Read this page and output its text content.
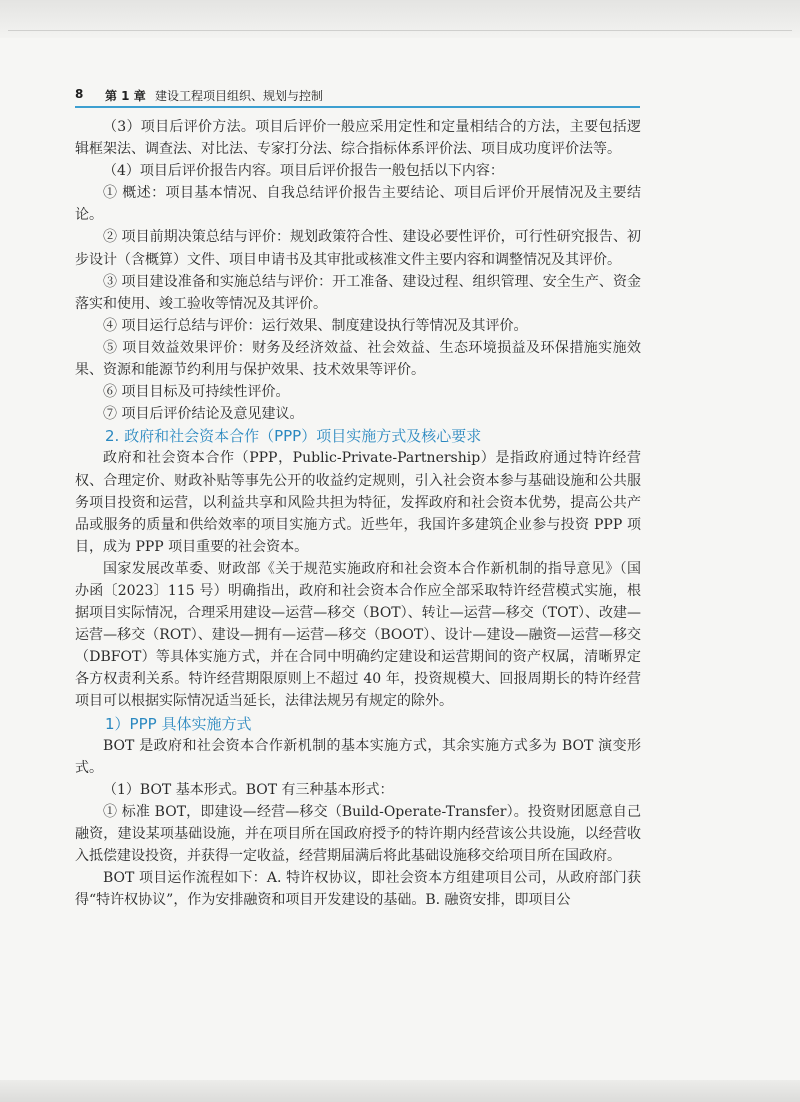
8 第 1 章 建设工程项目组织、规划与控制

（3）项目后评价方法。项目后评价一般应采用定性和定量相结合的方法，主要包括逻辑框架法、调查法、对比法、专家打分法、综合指标体系评价法、项目成功度评价法等。

（4）项目后评价报告内容。项目后评价报告一般包括以下内容：

① 概述：项目基本情况、自我总结评价报告主要结论、项目后评价开展情况及主要结论。

② 项目前期决策总结与评价：规划政策符合性、建设必要性评价，可行性研究报告、初步设计（含概算）文件、项目申请书及其审批或核准文件主要内容和调整情况及其评价。

③ 项目建设准备和实施总结与评价：开工准备、建设过程、组织管理、安全生产、资金落实和使用、竣工验收等情况及其评价。

④ 项目运行总结与评价：运行效果、制度建设执行等情况及其评价。

⑤ 项目效益效果评价：财务及经济效益、社会效益、生态环境损益及环保措施实施效果、资源和能源节约利用与保护效果、技术效果等评价。

⑥ 项目目标及可持续性评价。

⑦ 项目后评价结论及意见建议。

2. 政府和社会资本合作（PPP）项目实施方式及核心要求

政府和社会资本合作（PPP，Public-Private-Partnership）是指政府通过特许经营权、合理定价、财政补贴等事先公开的收益约定规则，引入社会资本参与基础设施和公共服务项目投资和运营，以利益共享和风险共担为特征，发挥政府和社会资本优势，提高公共产品或服务的质量和供给效率的项目实施方式。近些年，我国许多建筑企业参与投资 PPP 项目，成为 PPP 项目重要的社会资本。

国家发展改革委、财政部《关于规范实施政府和社会资本合作新机制的指导意见》（国办函〔2023〕115 号）明确指出，政府和社会资本合作应全部采取特许经营模式实施，根据项目实际情况，合理采用建设—运营—移交（BOT）、转让—运营—移交（TOT）、改建—运营—移交（ROT）、建设—拥有—运营—移交（BOOT）、设计—建设—融资—运营—移交（DBFOT）等具体实施方式，并在合同中明确约定建设和运营期间的资产权属，清晰界定各方权责利关系。特许经营期限原则上不超过 40 年，投资规模大、回报周期长的特许经营项目可以根据实际情况适当延长，法律法规另有规定的除外。

1）PPP 具体实施方式

BOT 是政府和社会资本合作新机制的基本实施方式，其余实施方式多为 BOT 演变形式。

（1）BOT 基本形式。BOT 有三种基本形式：

① 标准 BOT，即建设—经营—移交（Build-Operate-Transfer）。投资财团愿意自己融资，建设某项基础设施，并在项目所在国政府授予的特许期内经营该公共设施，以经营收入抵偿建设投资，并获得一定收益，经营期届满后将此基础设施移交给项目所在国政府。

BOT 项目运作流程如下：A. 特许权协议，即社会资本方组建项目公司，从政府部门获得“特许权协议”，作为安排融资和项目开发建设的基础。B. 融资安排，即项目公
